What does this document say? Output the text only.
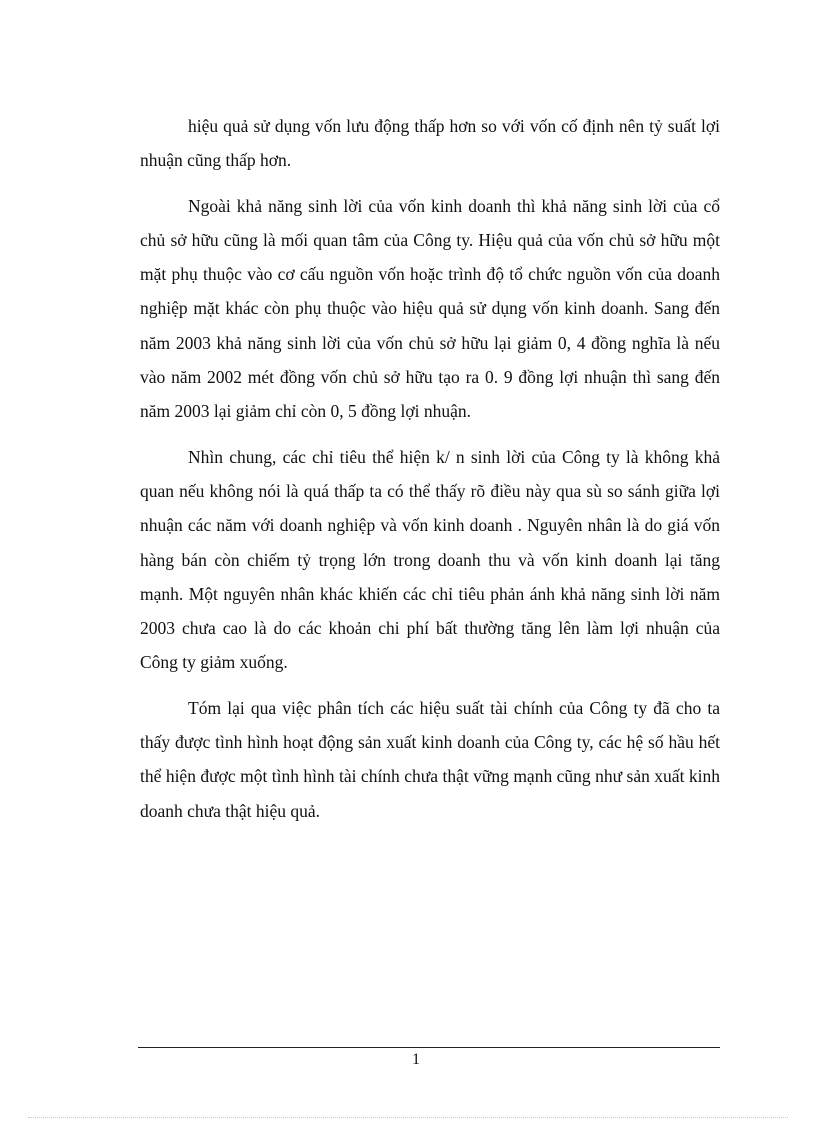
hiệu quả sử dụng vốn lưu động thấp hơn so với vốn cố định nên tỷ suất lợi nhuận cũng thấp hơn.

Ngoài khả năng sinh lời của vốn kinh doanh thì khả năng sinh lời của cổ chủ sở hữu cũng là mối quan tâm của Công ty. Hiệu quả của vốn chủ sở hữu một mặt phụ thuộc vào cơ cấu nguồn vốn hoặc trình độ tổ chức nguồn vốn của doanh nghiệp mặt khác còn phụ thuộc vào hiệu quả sử dụng vốn kinh doanh. Sang đến năm 2003 khả năng sinh lời của vốn chủ sở hữu lại giảm 0, 4 đồng nghĩa là nếu vào năm 2002 mét đồng vốn chủ sở hữu tạo ra 0. 9 đồng lợi nhuận thì sang đến năm 2003 lại giảm chỉ còn 0, 5 đồng lợi nhuận.

Nhìn chung, các chỉ tiêu thể hiện k/ n sinh lời của Công ty là không khả quan nếu không nói là quá thấp ta có thể thấy rõ điều này qua sù so sánh giữa lợi nhuận các năm với doanh nghiệp và vốn kinh doanh . Nguyên nhân là do giá vốn hàng bán còn chiếm tỷ trọng lớn trong doanh thu và vốn kinh doanh lại tăng mạnh. Một nguyên nhân khác khiến các chỉ tiêu phản ánh khả năng sinh lời năm 2003 chưa cao là do các khoản chi phí bất thường tăng lên làm lợi nhuận của Công ty giảm xuống.

Tóm lại qua việc phân tích các hiệu suất tài chính của Công ty đã cho ta thấy được tình hình hoạt động sản xuất kinh doanh của Công ty, các hệ số hầu hết thể hiện được một tình hình tài chính chưa thật vững mạnh cũng như sản xuất kinh doanh chưa thật hiệu quả.

1
